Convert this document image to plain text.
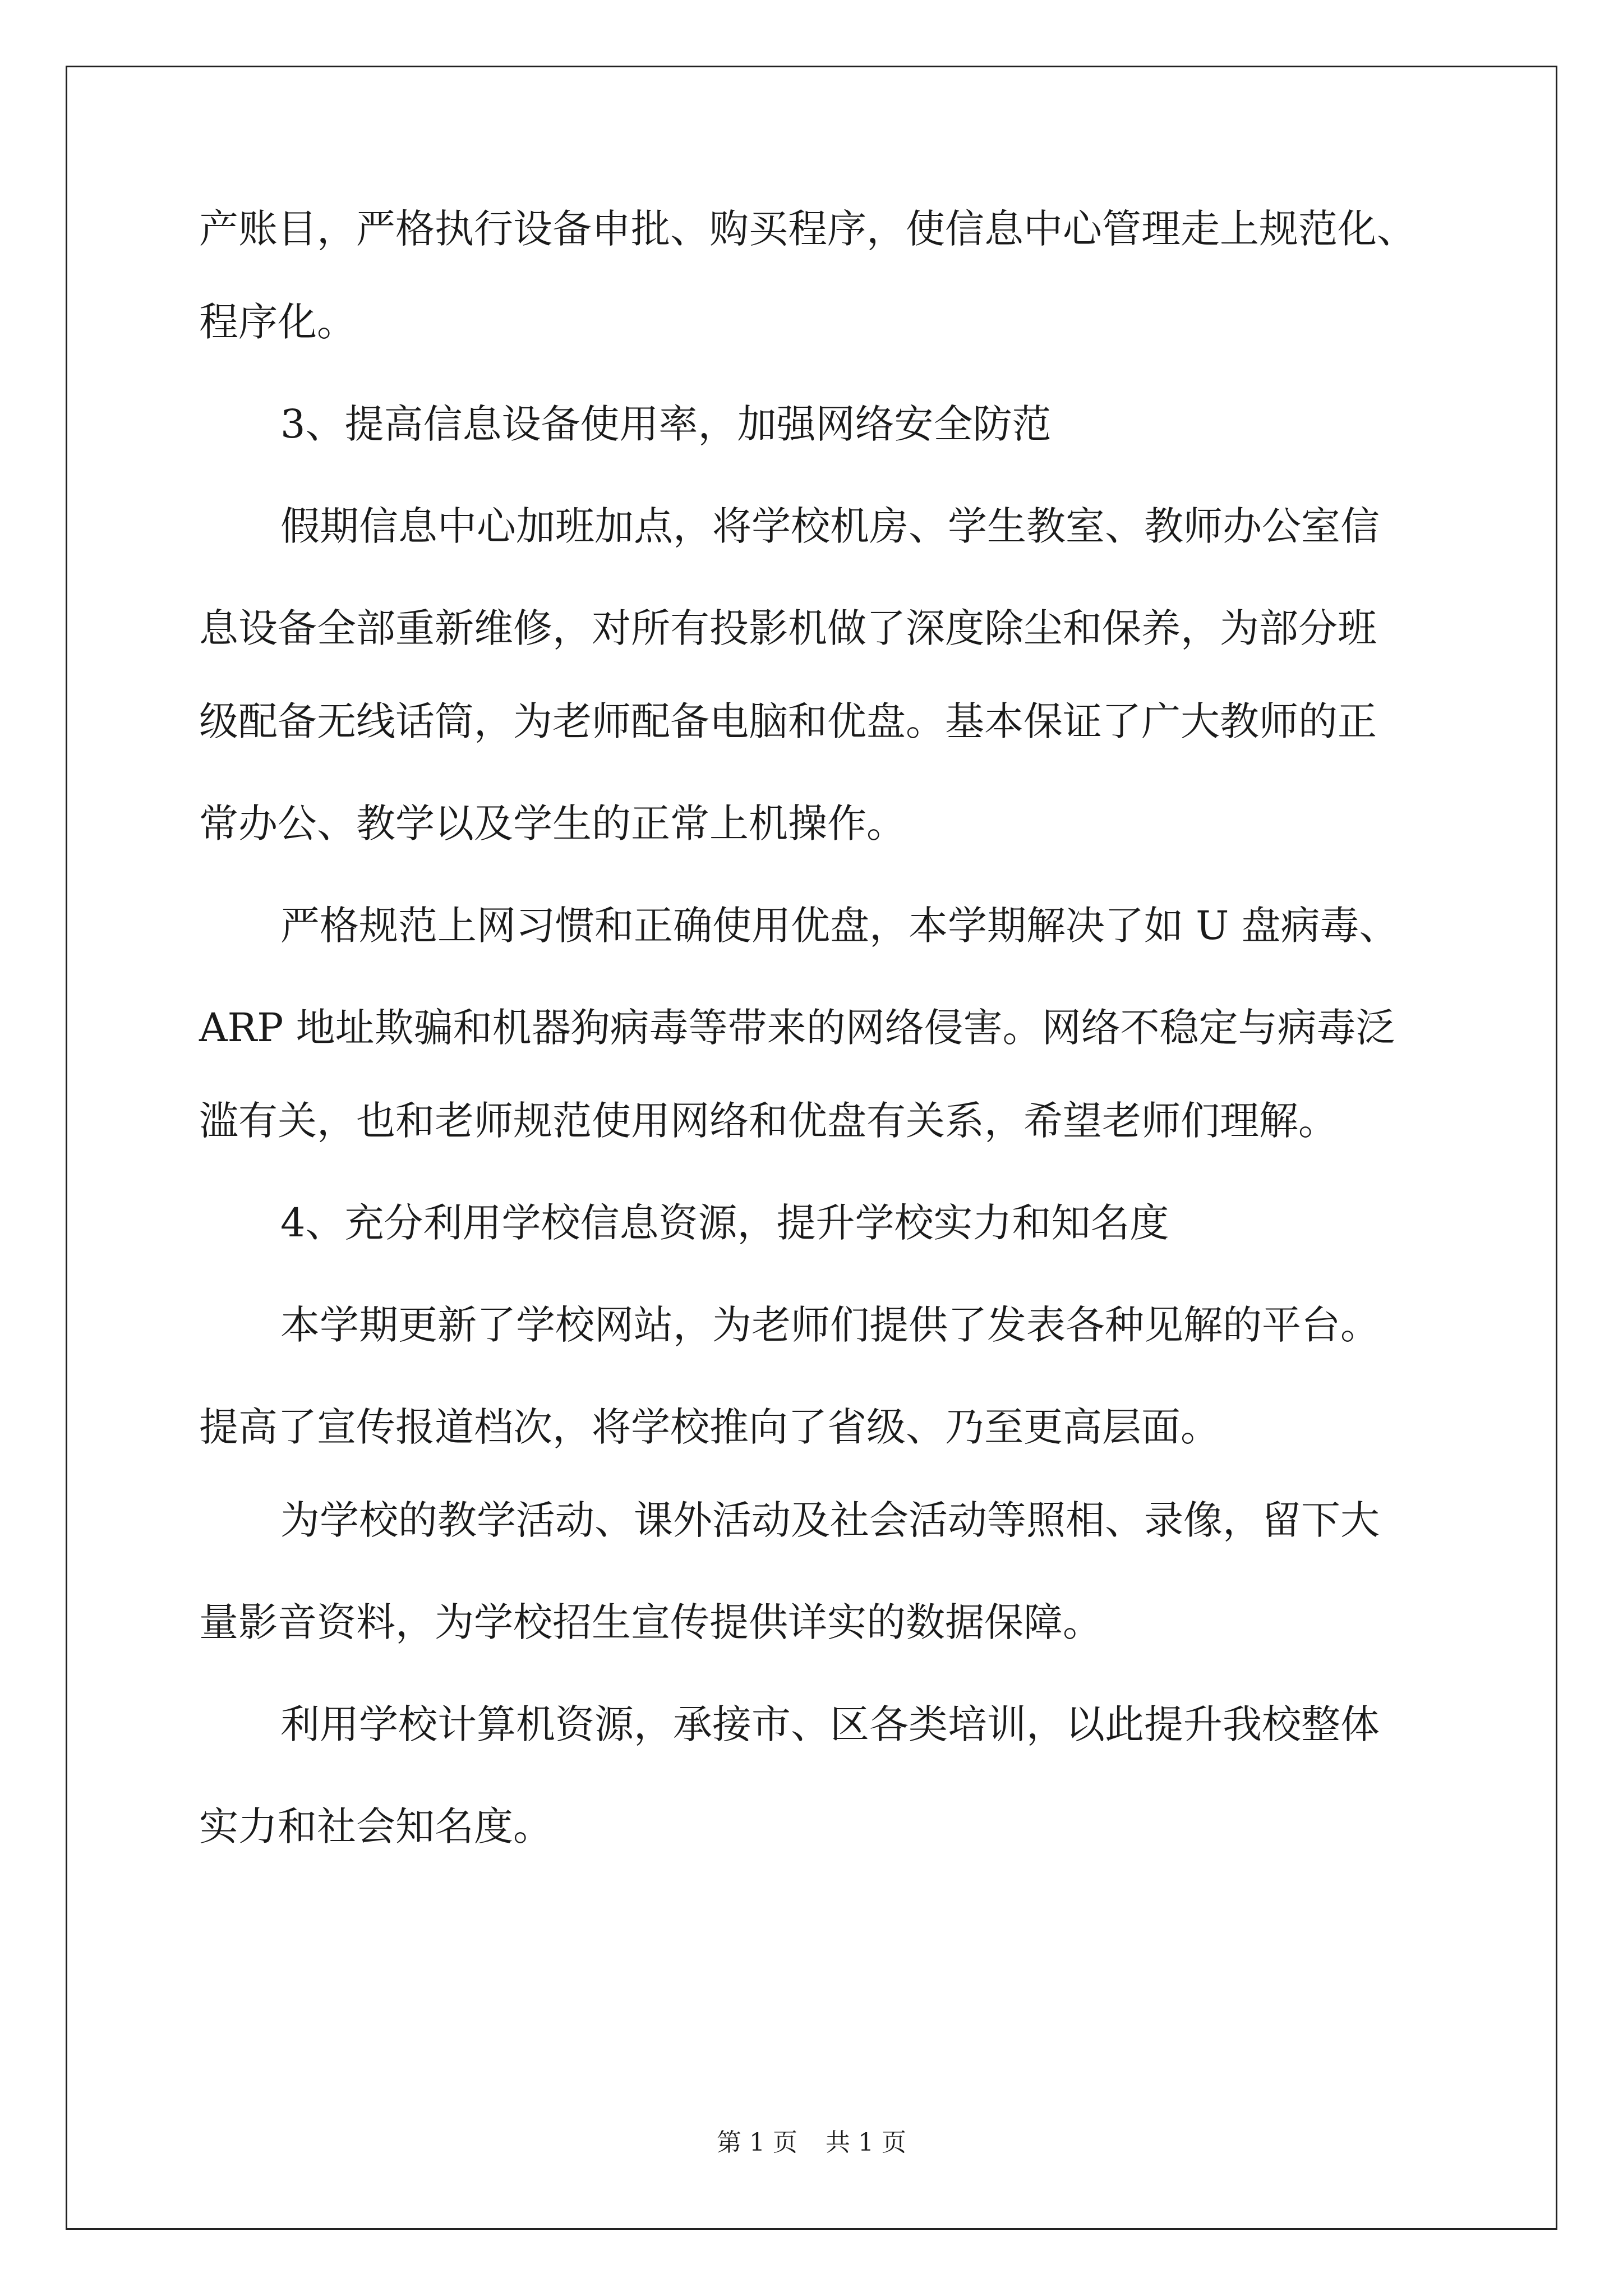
产账目，严格执行设备申批、购买程序，使信息中心管理走上规范化、
程序化。
3、提高信息设备使用率，加强网络安全防范
假期信息中心加班加点，将学校机房、学生教室、教师办公室信
息设备全部重新维修，对所有投影机做了深度除尘和保养，为部分班
级配备无线话筒，为老师配备电脑和优盘。基本保证了广大教师的正
常办公、教学以及学生的正常上机操作。
严格规范上网习惯和正确使用优盘，本学期解决了如 U 盘病毒、
ARP 地址欺骗和机器狗病毒等带来的网络侵害。网络不稳定与病毒泛
滥有关，也和老师规范使用网络和优盘有关系，希望老师们理解。
4、充分利用学校信息资源，提升学校实力和知名度
本学期更新了学校网站，为老师们提供了发表各种见解的平台。
提高了宣传报道档次，将学校推向了省级、乃至更高层面。
为学校的教学活动、课外活动及社会活动等照相、录像，留下大
量影音资料，为学校招生宣传提供详实的数据保障。
利用学校计算机资源，承接市、区各类培训，以此提升我校整体
实力和社会知名度。
第 1 页 共 1 页
